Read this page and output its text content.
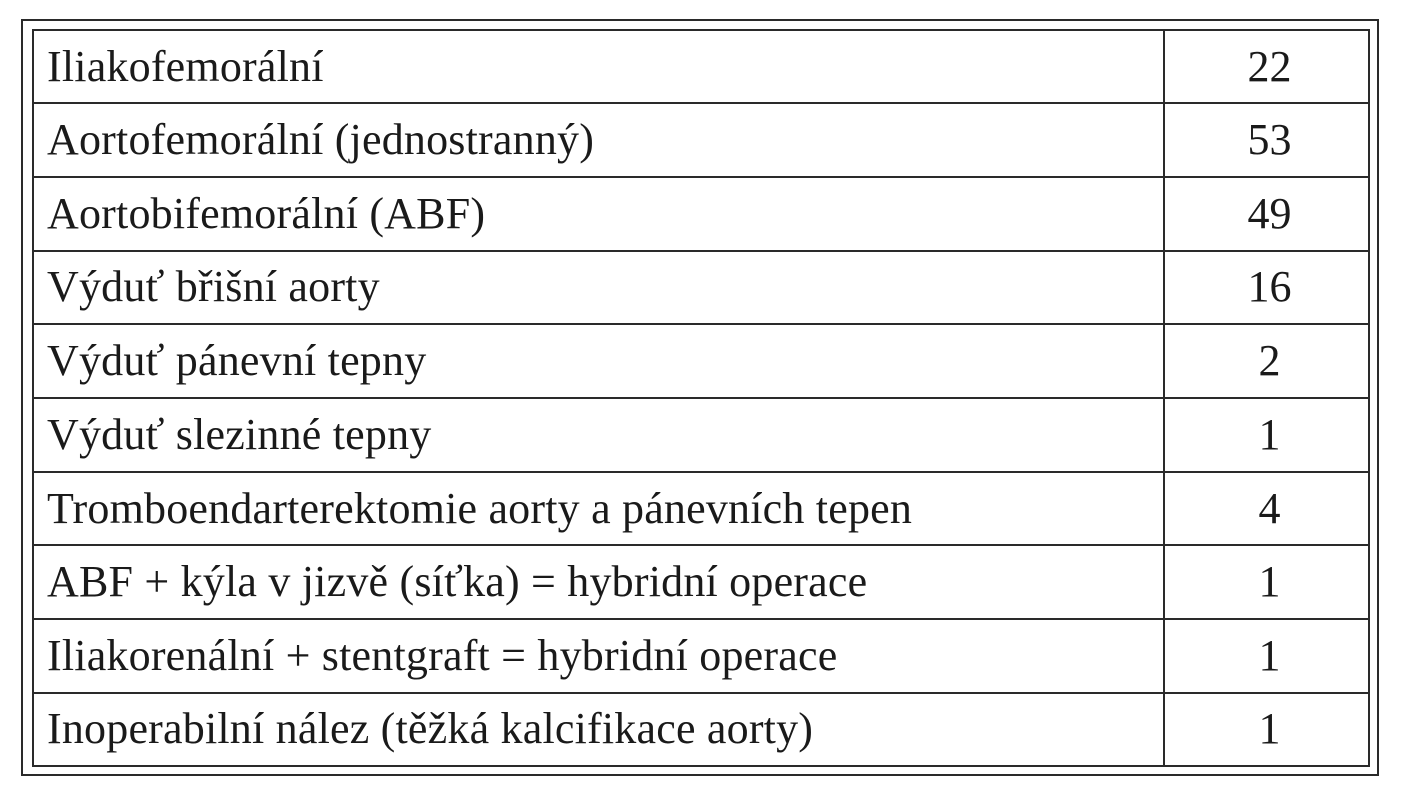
Iliakofemorální	22
Aortofemorální (jednostranný)	53
Aortobifemorální (ABF)	49
Výduť břišní aorty	16
Výduť pánevní tepny	2
Výduť slezinné tepny	1
Tromboendarterektomie aorty a pánevních tepen	4
ABF + kýla v jizvě (síťka) = hybridní operace	1
Iliakorenální + stentgraft = hybridní operace	1
Inoperabilní nález (těžká kalcifikace aorty)	1
